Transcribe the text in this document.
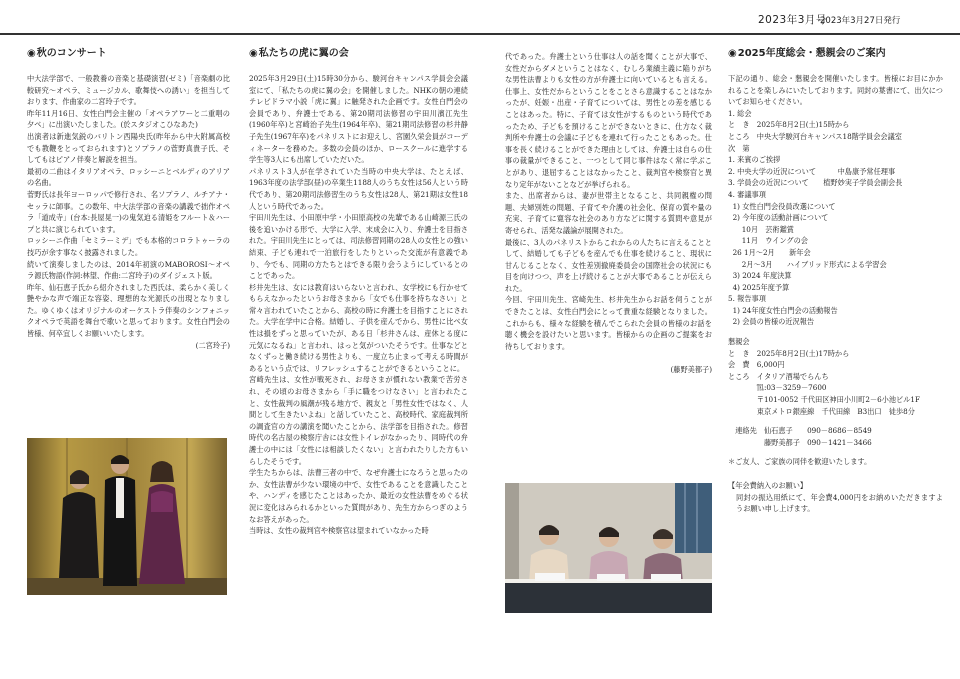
2023年3月号
2023年3月27日発行
◉秋のコンサート

中大法学部で、一般教養の音楽と基礎演習(ゼミ)「音楽劇の比較研究～オペラ、ミュージカル、歌舞伎への誘い」を担当しております、作曲家の二宮玲子です。

昨年11月16日、女性白門会主催の「オペラアワーと二重唱の夕べ」に出演いたしました。(於スタジオこひなあた)

出演者は新進気鋭のバリトン西陽央氏(昨年から中大附属高校でも教鞭をとっておられます)とソプラノの菅野真貴子氏、そしてもはピアノ伴奏と解説を担当。

最初の二曲はイタリアオペラ、ロッシーニとベルディのアリアの名曲。

菅野氏は長年ヨーロッパで修行され、名ソプラノ、ルチアナ・セッラに師事。この数年、中大法学部の音楽の講義で拙作オペラ「道成寺」(台本:長屋晃一)の鬼気迫る清姫をフルート＆ハープと共に演じられています。

ロッシーニ作曲「セミラーミデ」でも本格的コロラトゥーラの技巧が余す事なく披露されました。

続いて演奏しましたのは、2014年初演のMABOROSI～オペラ源氏物語(作詞:林望、作曲:二宮玲子)のダイジェスト版。

昨年、仙石恵子氏から紹介されました西氏は、柔らかく美しく艶やかな声で端正な容姿、理想的な光源氏の出現となりました。ゆくゆくはオリジナルのオーケストラ伴奏のシンフォニックオペラで英語を舞台で歌いと思っております。女性白門会の皆様、何卒宜しくお願いいたします。

(二宮玲子)

◉私たちの虎に翼の会

2025年3月29日(土)15時30分から、駿河台キャンパス学員会会議室にて、「私たちの虎に翼の会」を開催しました。NHKの朝の連続テレビドラマ小説「虎に翼」に触発された企画です。女性白門会の会員であり、弁護士である、第20期司法修習の宇田川濱江先生(1960年卒)と宮崎治子先生(1964年卒)、第21期司法修習の杉井静子先生(1967年卒)をパネリストにお迎えし、宮園久栄会員がコーディネーターを務めた。多数の会員のほか、ロースクールに進学する学生等3人にも出席していただいた。

パネリスト3人が在学されていた当時の中央大学は、たとえば、1963年度の法学部(昼)の卒業生1188人のうち女性は56人という時代であり、第20期司法修習生のうち女性は28人、第21期は女性18人という時代であった。

宇田川先生は、小田原中学・小田原高校の先輩である山崎源三氏の後を追いかける形で、大学に入学、末成会に入り、弁護士を目指された。宇田川先生にとっては、司法修習同期の28人の女性との強い結束、子ども連れで一泊旅行をしたりといった交流が有意義であり、今でも、同期の方たちとはできる限り会うようにしているとのことであった。

杉井先生は、女には教育はいらないと言われ、女学校にも行かせてもらえなかったというお母さまから「女でも仕事を持ちなさい」と常々言われていたことから、高校の時に弁護士を目指すことにされた。大学在学中に合格。結婚し、子供を産んでから、男性に比べ女性は損をずっと思っていたが、ある日「杉井さんは、産休とる度に元気になるね」と言われ、はっと気がついたそうです。仕事などとなくずっと働き続ける男性よりも、一度立ち止まって考える時間があるという点では、リフレッシュすることができるということに。

宮崎先生は、女性が戦死され、お母さまが慣れない教業で苦労され、その頃のお母さまから「手に職をつけなさい」と言われたこと、女性裁判の風潮が残る地方で、親友と「男性女性ではなく、人間として生きたいよね」と話していたこと、高校時代、家庭裁判所の調査官の方の講演を聞いたことから、法学部を目指された。修習時代の名古屋の検察庁舎には女性トイレがなかったり、同時代の弁護士の中には「女性には相談したくない」と言われたりした方もいらしたそうです。

学生たちからは、法曹三者の中で、なぜ弁護士になろうと思ったのか、女性法曹が少ない環境の中で、女性であることを意識したことや、ハンディを感じたことはあったか、最近の女性法曹をめぐる状況に変化はみられるかといった質問があり、先生方からつぎのようなお答えがあった。

当時は、女性の裁判官や検察官は望まれていなかった時

代であった。弁護士という仕事は人の話を聞くことが大事で、女性だからダメということはなく、むしろ業績主義に陥りがちな男性法曹よりも女性の方が弁護士に向いているとも言える。仕事上、女性だからということをことさら意識することはなかったが、妊娠・出産・子育てについては、男性との差を感じることはあった。特に、子育ては女性がするものという時代であったため、子どもを預けることができないときに、仕方なく裁判所や弁護士の会議に子どもを連れて行ったこともあった。仕事を長く続けることができた理由としては、弁護士は自らの仕事の裁量ができること、一つとして同じ事件はなく常に学ぶことがあり、退屈することはなかったこと、裁判官や検察官と異なり定年がないことなどが挙げられる。

また、出席者からは、妻が世帯主となること、共同親権の問題、夫婦別姓の問題、子育てや介護の社会化、保育の質や量の充実、子育てに寛容な社会のあり方などに関する質問や意見が寄せられ、活発な議論が展開された。

最後に、3人のパネリストからこれからの人たちに言えることとして、結婚しても子どもを産んでも仕事を続けること、現状に甘んじることなく、女性差別撤廃委員会の国際社会の状況にも目を向けつつ、声を上げ続けることが大事であることが伝えられた。

今回、宇田川先生、宮崎先生、杉井先生からお話を伺うことができたことは、女性白門会にとって貴重な経験となりました。これからも、様々な経験を積んでこられた会員の皆様のお話を聴く機会を設けたいと思います。皆様からの企画のご提案をお待ちしております。

(藤野美都子)

◉2025年度総会・懇親会のご案内

下記の通り、総会・懇親会を開催いたします。皆様にお目にかかれることを楽しみにいたしております。同封の葉書にて、出欠についてお知らせください。

1. 総会
と　き　2025年8月2日(土)15時から
ところ　中央大学駿河台キャンパス18階学員会会議室
次　第
1. 来賓のご挨拶
2. 中央大学の近況について　　　中島康予常任理事
3. 学員会の近況について　　植野妙実子学員会副会長
4. 審議事項
1) 女性白門会役員改選について
2) 今年度の活動計画について
10月　芸術鑑賞
11月　ウイングの会
26 1月〜2月　　新年会
2月〜3月　　ハイブリッド形式による学習会
3) 2024 年度決算
4) 2025年度予算
5. 報告事項
1) 24年度女性白門会の活動報告
2) 会員の皆様の近況報告
懇親会
と　き　2025年8月2日(土)17時から
会　費　6,000円
ところ　イタリア酒場でらんち
　　　　℡:03－3259－7600
　　　　〒101-0052 千代田区神田小川町2－6小池ビル1F
　　　　東京メトロ銀座線　千代田線　B3出口　徒歩8分
　連絡先　仙石恵子　　090－8686－8549
　　　　　藤野美都子　090－1421－3466
＊ご友人、ご家族の同伴を歓迎いたします。

【年会費納入のお願い】

同封の振込用紙にて、年会費4,000円をお納めいただきますようお願い申し上げます。
